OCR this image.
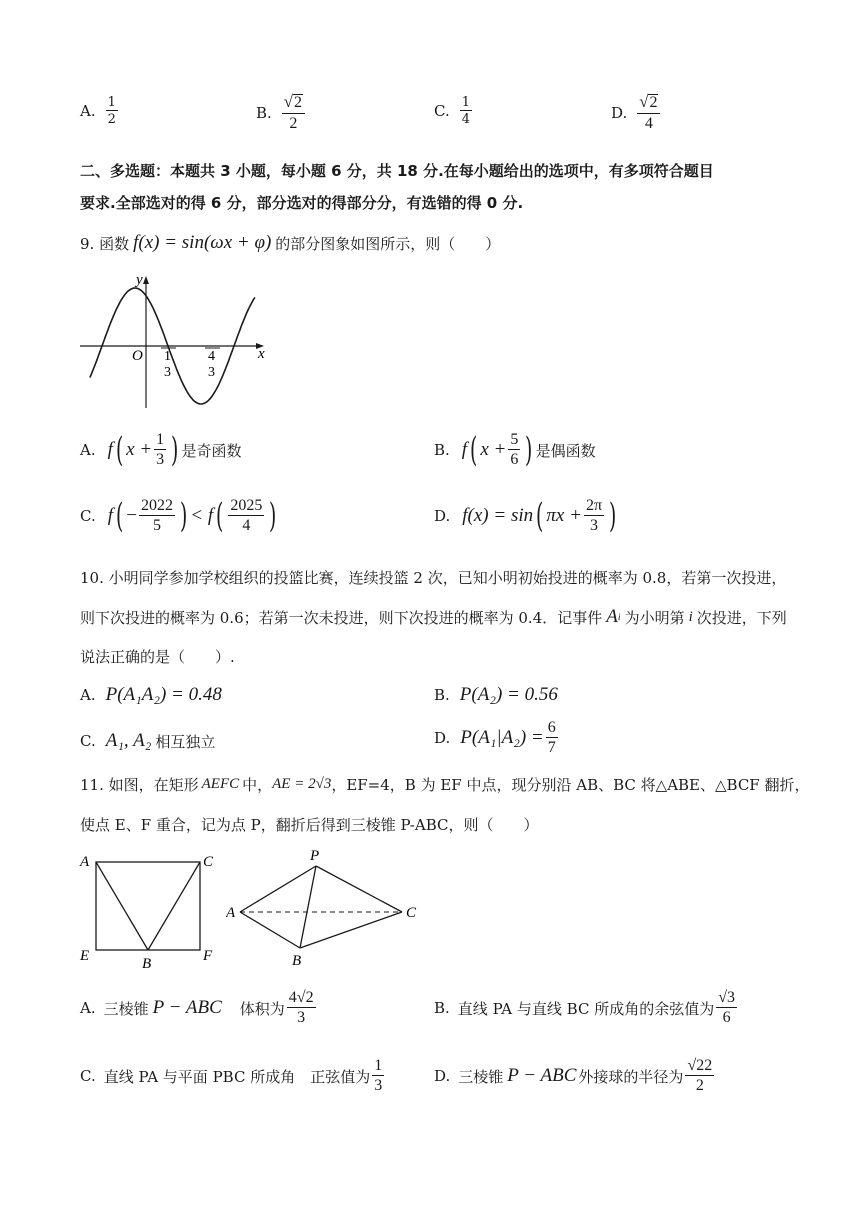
A. $\frac{1}{2}$	B. $\frac{√ 2}{2}$	C. $\frac{1}{4}$	D. $\frac{√ 2}{4}$
二、多选题：本题共 3 小题，每小题 6 分，共 18 分.在每小题给出的选项中，有多项符合题目
要求.全部选对的得 6 分，部分选对的得部分分，有选错的得 0 分.
9. 函数 f(x) = sin(ωx + φ) 的部分图象如图所示，则（　　）
x
y
O 1
3
4
3
A. f ( $x + \frac{1}{3}$ ) 是奇函数	B. f ( $x + \frac{5}{6}$ ) 是偶函数
C. f ( − $\frac{2022}{5}$ ) < f ( $\frac{2025}{4}$ )	D. f(x) = sin ( $\pi x + \frac{2\pi}{3}$ )
10. 小明同学参加学校组织的投篮比赛，连续投篮 2 次，已知小明初始投进的概率为 0.8，若第一次投进，
则下次投进的概率为 0.6；若第一次未投进，则下次投进的概率为 0.4．记事件 A i 为小明第 i 次投进，下列
说法正确的是（　　）.
A. P(A₁A₂) = 0.48	B. P(A₂) = 0.56
C. A₁, A₂ 相互独立	D. $P(A_1|A_2) = \frac{6}{7}$
11. 如图，在矩形 AEFC 中， AE = 2√3 ，EF=4，B 为 EF 中点，现分别沿 AB、BC 将△ABE、△BCF 翻折，
使点 E、F 重合，记为点 P，翻折后得到三棱锥 P-ABC，则（　　）
A	C
E	B	F
P
A	C
B
A. 三棱锥 P − ABC 体积为 $\frac{4√2}{3}$	B. 直线 PA 与直线 BC 所成角的余弦值为 $\frac{√3}{6}$
C. 直线 PA 与平面 PBC 所成角　正弦值为 $\frac{1}{3}$	D. 三棱锥 P − ABC 外接球的半径为 $\frac{√22}{2}$
